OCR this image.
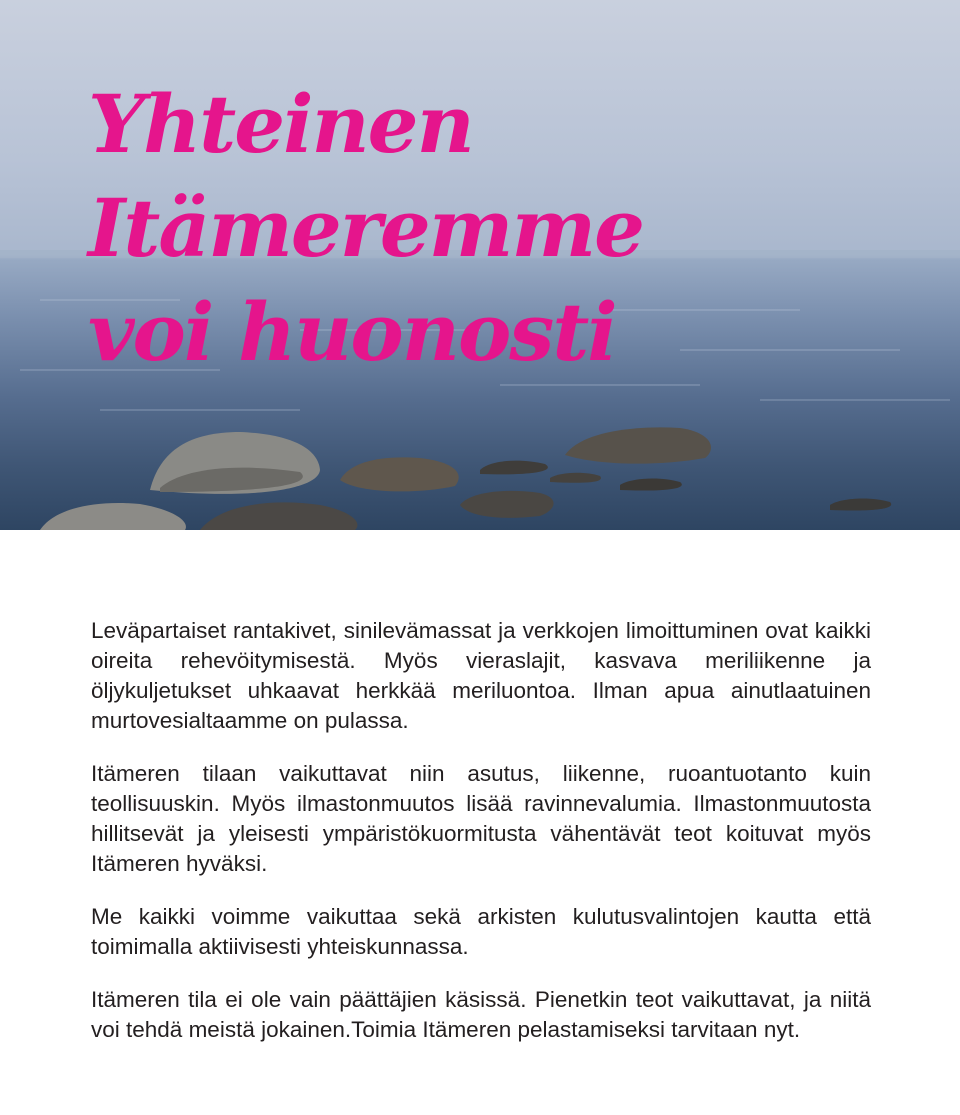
Yhteinen
Itämeremme
voi huonosti

Leväpartaiset rantakivet, sinilevämassat ja verkkojen limoittuminen ovat kaikki oireita rehevöitymisestä. Myös vieraslajit, kasvava meriliikenne ja öljykuljetukset uhkaavat herkkää meriluontoa. Ilman apua ainutlaatuinen murtovesialtaamme on pulassa.

Itämeren tilaan vaikuttavat niin asutus, liikenne, ruoantuotanto kuin teollisuuskin. Myös ilmastonmuutos lisää ravinnevalumia. Ilmastonmuutosta hillitsevät ja yleisesti ympäristökuormitusta vähentävät teot koituvat myös Itämeren hyväksi.

Me kaikki voimme vaikuttaa sekä arkisten kulutusvalintojen kautta että toimimalla aktiivisesti yhteiskunnassa.

Itämeren tila ei ole vain päättäjien käsissä. Pienetkin teot vaikuttavat, ja niitä voi tehdä meistä jokainen.Toimia Itämeren pelastamiseksi tarvitaan nyt.
